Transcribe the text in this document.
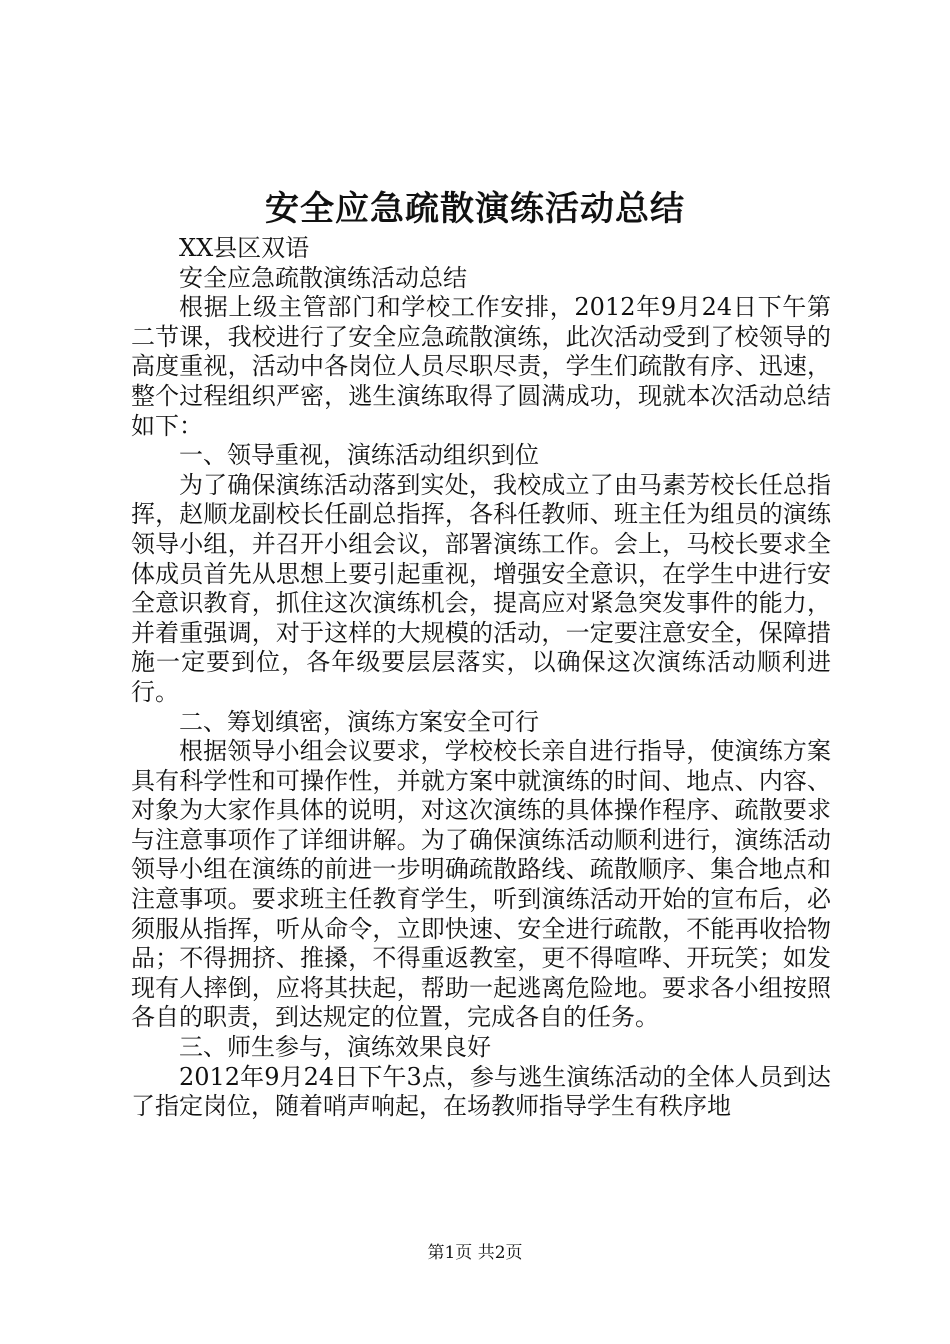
安全应急疏散演练活动总结

XX县区双语

安全应急疏散演练活动总结

根据上级主管部门和学校工作安排，2012年9月24日下午第二节课，我校进行了安全应急疏散演练，此次活动受到了校领导的高度重视，活动中各岗位人员尽职尽责，学生们疏散有序、迅速，整个过程组织严密，逃生演练取得了圆满成功，现就本次活动总结如下：

一、领导重视，演练活动组织到位

为了确保演练活动落到实处，我校成立了由马素芳校长任总指挥，赵顺龙副校长任副总指挥，各科任教师、班主任为组员的演练领导小组，并召开小组会议，部署演练工作。会上，马校长要求全体成员首先从思想上要引起重视，增强安全意识，在学生中进行安全意识教育，抓住这次演练机会，提高应对紧急突发事件的能力，并着重强调，对于这样的大规模的活动，一定要注意安全，保障措施一定要到位，各年级要层层落实，以确保这次演练活动顺利进行。

二、筹划缜密，演练方案安全可行

根据领导小组会议要求，学校校长亲自进行指导，使演练方案具有科学性和可操作性，并就方案中就演练的时间、地点、内容、对象为大家作具体的说明，对这次演练的具体操作程序、疏散要求与注意事项作了详细讲解。为了确保演练活动顺利进行，演练活动领导小组在演练的前进一步明确疏散路线、疏散顺序、集合地点和注意事项。要求班主任教育学生，听到演练活动开始的宣布后，必须服从指挥，听从命令，立即快速、安全进行疏散，不能再收拾物品；不得拥挤、推搡，不得重返教室，更不得喧哗、开玩笑；如发现有人摔倒，应将其扶起，帮助一起逃离危险地。要求各小组按照各自的职责，到达规定的位置，完成各自的任务。

三、师生参与，演练效果良好

2012年9月24日下午3点，参与逃生演练活动的全体人员到达了指定岗位，随着哨声响起，在场教师指导学生有秩序地

第1页 共2页
